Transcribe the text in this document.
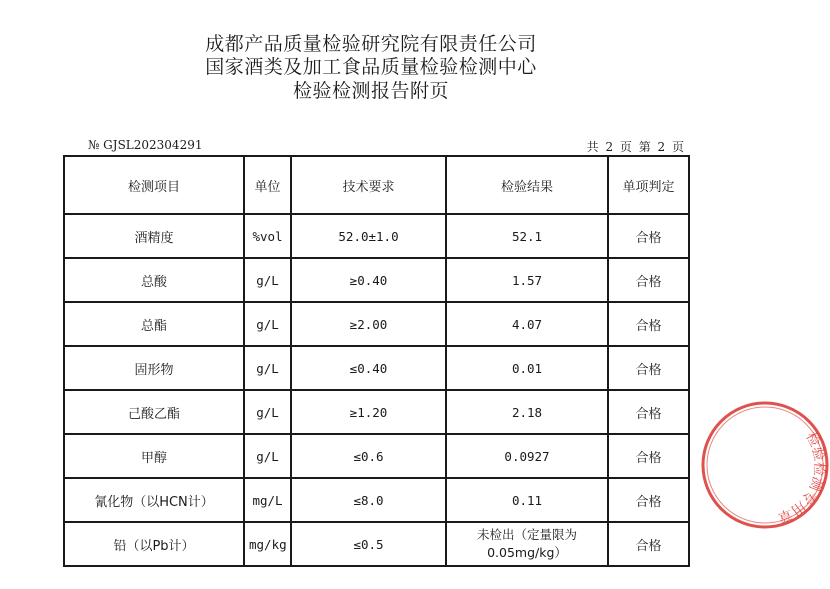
成都产品质量检验研究院有限责任公司
国家酒类及加工食品质量检验检测中心
检验检测报告附页
№ GJSL202304291	共 2 页 第 2 页
检测项目	单位	技术要求	检验结果	单项判定
酒精度	%vol	52.0±1.0	52.1	合格
总酸	g/L	≥0.40	1.57	合格
总酯	g/L	≥2.00	4.07	合格
固形物	g/L	≤0.40	0.01	合格
己酸乙酯	g/L	≥1.20	2.18	合格
甲醇	g/L	≤0.6	0.0927	合格
氰化物（以HCN计）	mg/L	≤8.0	0.11	合格
铅（以Pb计）	mg/kg	≤0.5	未检出（定量限为
0.05mg/kg）	合格
检验检测专用章
